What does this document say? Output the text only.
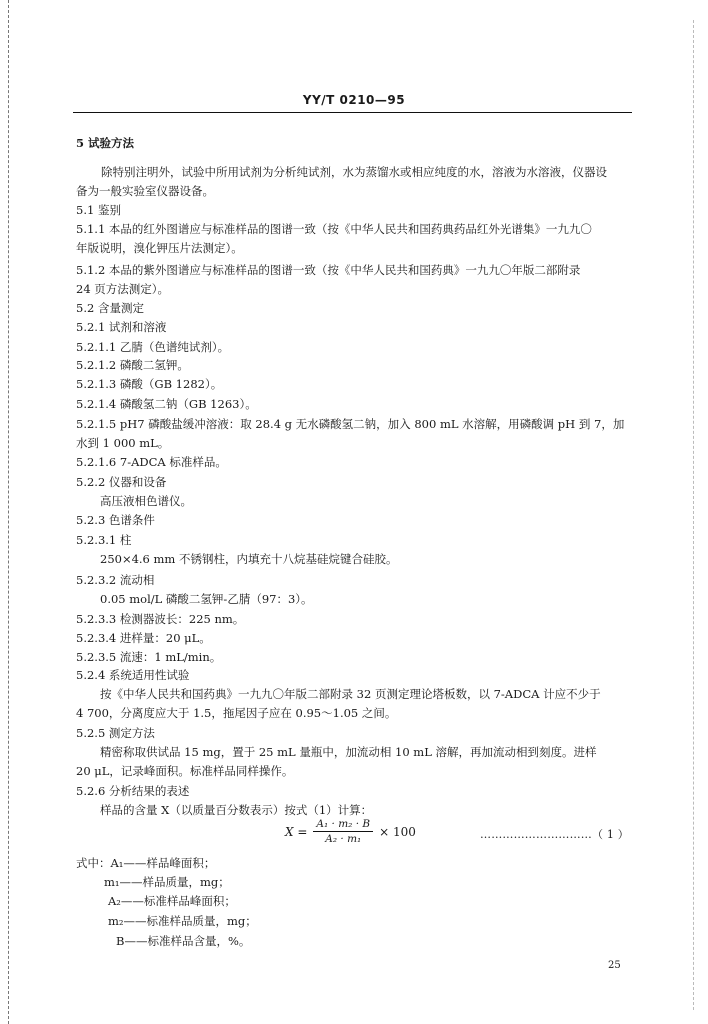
YY/T 0210—95
5 试验方法
除特别注明外，试验中所用试剂为分析纯试剂，水为蒸馏水或相应纯度的水，溶液为水溶液，仪器设
备为一般实验室仪器设备。
5.1 鉴别
5.1.1 本品的红外图谱应与标准样品的图谱一致（按《中华人民共和国药典药品红外光谱集》一九九〇
年版说明，溴化钾压片法测定）。
5.1.2 本品的紫外图谱应与标准样品的图谱一致（按《中华人民共和国药典》一九九〇年版二部附录
24 页方法测定）。
5.2 含量测定
5.2.1 试剂和溶液
5.2.1.1 乙腈（色谱纯试剂）。
5.2.1.2 磷酸二氢钾。
5.2.1.3 磷酸（GB 1282）。
5.2.1.4 磷酸氢二钠（GB 1263）。
5.2.1.5 pH7 磷酸盐缓冲溶液：取 28.4 g 无水磷酸氢二钠，加入 800 mL 水溶解，用磷酸调 pH 到 7，加
水到 1 000 mL。
5.2.1.6 7-ADCA 标准样品。
5.2.2 仪器和设备
高压液相色谱仪。
5.2.3 色谱条件
5.2.3.1 柱
250×4.6 mm 不锈钢柱，内填充十八烷基硅烷键合硅胶。
5.2.3.2 流动相
0.05 mol/L 磷酸二氢钾-乙腈（97：3）。
5.2.3.3 检测器波长：225 nm。
5.2.3.4 进样量：20 μL。
5.2.3.5 流速：1 mL/min。
5.2.4 系统适用性试验
按《中华人民共和国药典》一九九〇年版二部附录 32 页测定理论塔板数，以 7-ADCA 计应不少于
4 700，分离度应大于 1.5，拖尾因子应在 0.95～1.05 之间。
5.2.5 测定方法
精密称取供试品 15 mg，置于 25 mL 量瓶中，加流动相 10 mL 溶解，再加流动相到刻度。进样
20 μL，记录峰面积。标准样品同样操作。
5.2.6 分析结果的表述
样品的含量 X（以质量百分数表示）按式（1）计算：
$X = \frac{\text{A₁ · m₂ · B}}{\text{A₂ · m₁}} \times 100$	…………………………（ 1 ）
式中：A₁——样品峰面积；
m₁——样品质量，mg；
A₂——标准样品峰面积；
m₂——标准样品质量，mg；
B——标准样品含量，%。
25
